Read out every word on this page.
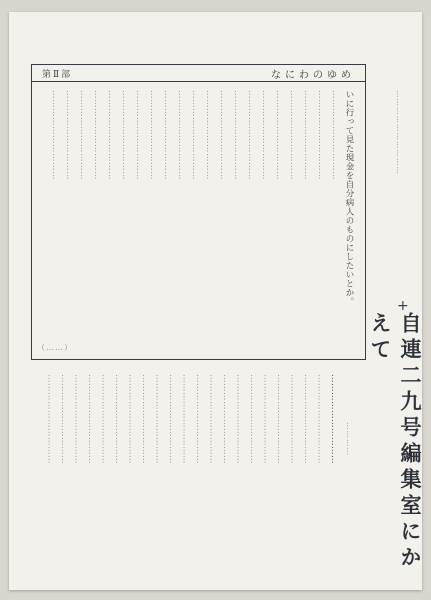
第Ⅱ部	なにわのゆめ
いに行って見た現金を自分病人のものにしたいとか。
…………………………
…………………………
…………………………
…………………………
…………………………
…………………………
…………………………
…………………………
…………………………
…………………………
…………………………
…………………………
…………………………
…………………………
…………………………
…………………………
…………………………
…………………………
…………………………
…………………………
…………………………
…………………………
…………………………
…………………………
…………………………
…………………………
…………………………
…………………………
…………………………
…………………………
…………………………
…………………………
…………………………
…………………………
…………………………
…………………………
…………………………
…………………………
…………………………
…………………………
…………………………
…………………………
…………………………
…………………………
+
自連二九号編集室にかえて
…………
（……）
